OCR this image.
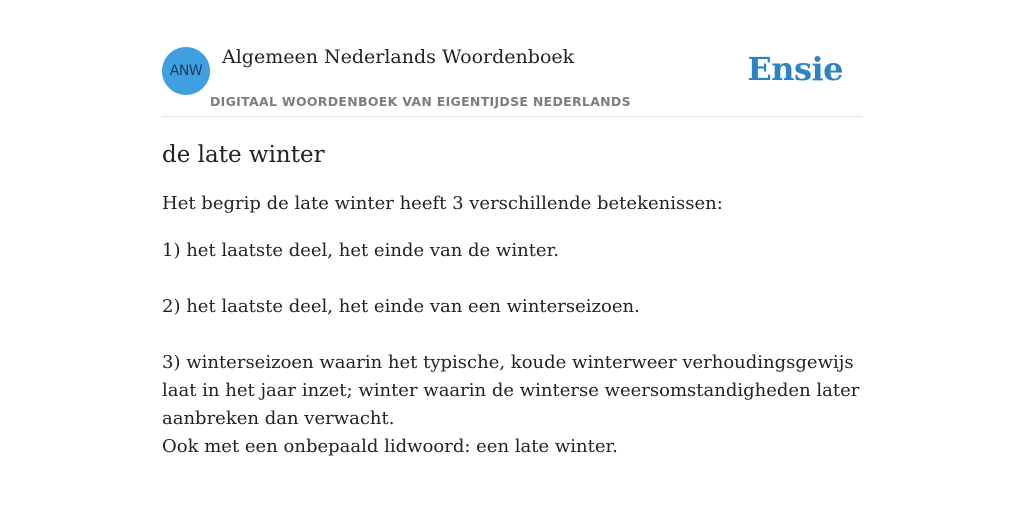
ANW
Algemeen Nederlands Woordenboek
DIGITAAL WOORDENBOEK VAN EIGENTIJDSE NEDERLANDS
Ensie
de late winter

Het begrip de late winter heeft 3 verschillende betekenissen:

1) het laatste deel, het einde van de winter.
2) het laatste deel, het einde van een winterseizoen.
3) winterseizoen waarin het typische, koude winterweer verhoudingsgewijs laat in het jaar inzet; winter waarin de winterse weersomstandigheden later aanbreken dan verwacht.
Ook met een onbepaald lidwoord: een late winter.
